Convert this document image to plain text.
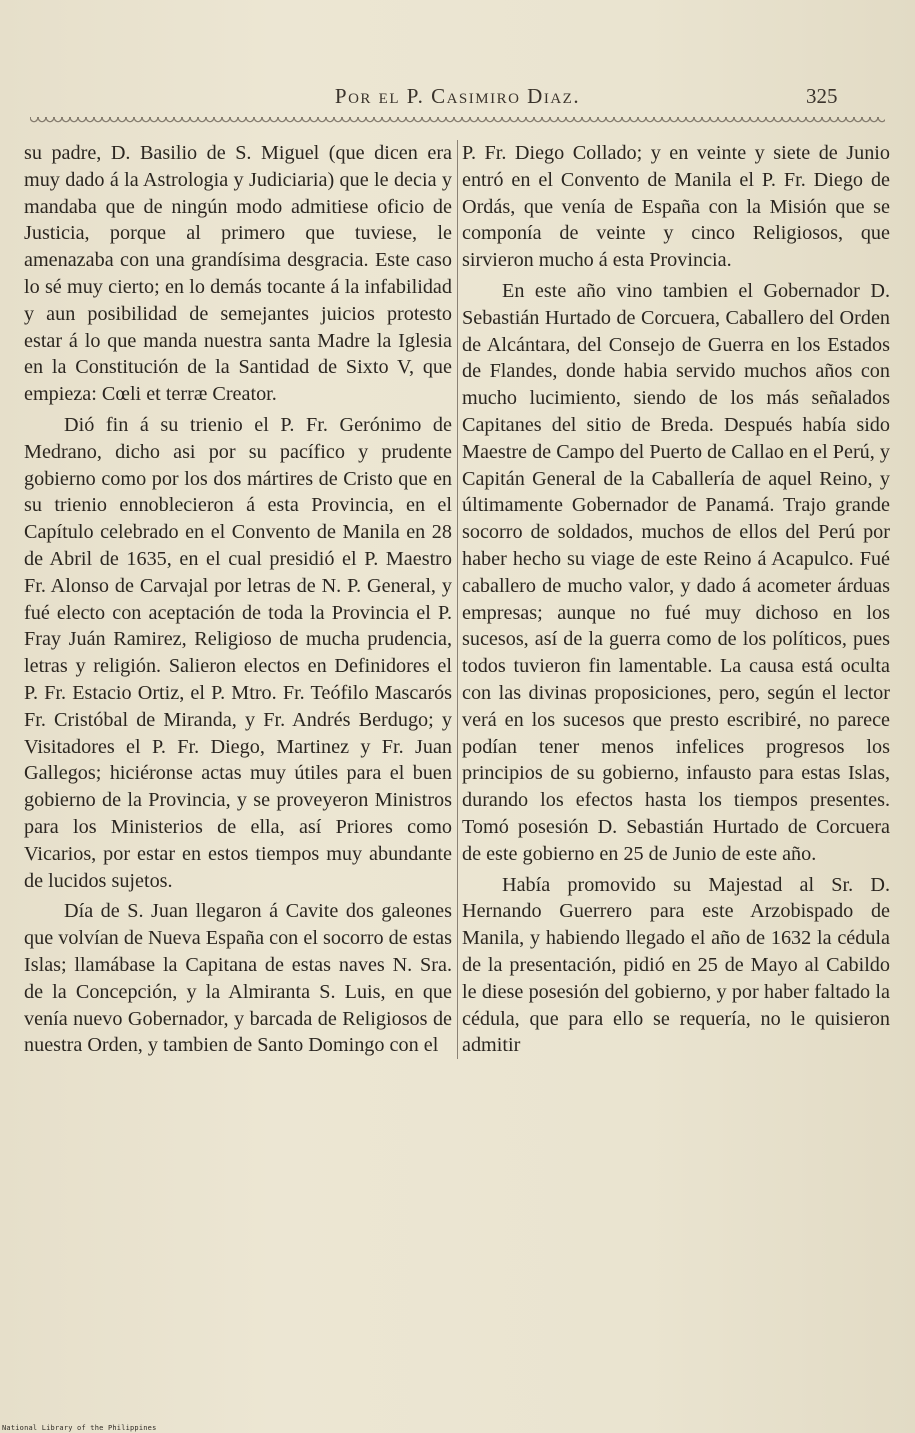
Por el P. Casimiro Diaz.	325

su padre, D. Basilio de S. Miguel (que dicen era muy dado á la Astrologia y Judiciaria) que le decia y mandaba que de ningún modo admitiese oficio de Justicia, porque al primero que tuviese, le amenazaba con una grandísima desgracia. Este caso lo sé muy cierto; en lo demás tocante á la infabilidad y aun posibilidad de semejantes juicios protesto estar á lo que manda nuestra santa Madre la Iglesia en la Constitución de la Santidad de Sixto V, que empieza: Cœli et terræ Creator.

Dió fin á su trienio el P. Fr. Gerónimo de Medrano, dicho asi por su pacífico y prudente gobierno como por los dos mártires de Cristo que en su trienio ennoblecieron á esta Provincia, en el Capítulo celebrado en el Convento de Manila en 28 de Abril de 1635, en el cual presidió el P. Maestro Fr. Alonso de Carvajal por letras de N. P. General, y fué electo con aceptación de toda la Provincia el P. Fray Juán Ramirez, Religioso de mucha prudencia, letras y religión. Salieron electos en Definidores el P. Fr. Estacio Ortiz, el P. Mtro. Fr. Teófilo Mascarós Fr. Cristóbal de Miranda, y Fr. Andrés Berdugo; y Visitadores el P. Fr. Diego, Martinez y Fr. Juan Gallegos; hiciéronse actas muy útiles para el buen gobierno de la Provincia, y se proveyeron Ministros para los Ministerios de ella, así Priores como Vicarios, por estar en estos tiempos muy abundante de lucidos sujetos.

Día de S. Juan llegaron á Cavite dos galeones que volvían de Nueva España con el socorro de estas Islas; llamábase la Capitana de estas naves N. Sra. de la Concepción, y la Almiranta S. Luis, en que venía nuevo Gobernador, y barcada de Religiosos de nuestra Orden, y tambien de Santo Domingo con el

P. Fr. Diego Collado; y en veinte y siete de Junio entró en el Convento de Manila el P. Fr. Diego de Ordás, que venía de España con la Misión que se componía de veinte y cinco Religiosos, que sirvieron mucho á esta Provincia.

En este año vino tambien el Gobernador D. Sebastián Hurtado de Corcuera, Caballero del Orden de Alcántara, del Consejo de Guerra en los Estados de Flandes, donde habia servido muchos años con mucho lucimiento, siendo de los más señalados Capitanes del sitio de Breda. Después había sido Maestre de Campo del Puerto de Callao en el Perú, y Capitán General de la Caballería de aquel Reino, y últimamente Gobernador de Panamá. Trajo grande socorro de soldados, muchos de ellos del Perú por haber hecho su viage de este Reino á Acapulco. Fué caballero de mucho valor, y dado á acometer árduas empresas; aunque no fué muy dichoso en los sucesos, así de la guerra como de los políticos, pues todos tuvieron fin lamentable. La causa está oculta con las divinas proposiciones, pero, según el lector verá en los sucesos que presto escribiré, no parece podían tener menos infelices progresos los principios de su gobierno, infausto para estas Islas, durando los efectos hasta los tiempos presentes. Tomó posesión D. Sebastián Hurtado de Corcuera de este gobierno en 25 de Junio de este año.

Había promovido su Majestad al Sr. D. Hernando Guerrero para este Arzobispado de Manila, y habiendo llegado el año de 1632 la cédula de la presentación, pidió en 25 de Mayo al Cabildo le diese posesión del gobierno, y por haber faltado la cédula, que para ello se requería, no le quisieron admitir

National Library of the Philippines
